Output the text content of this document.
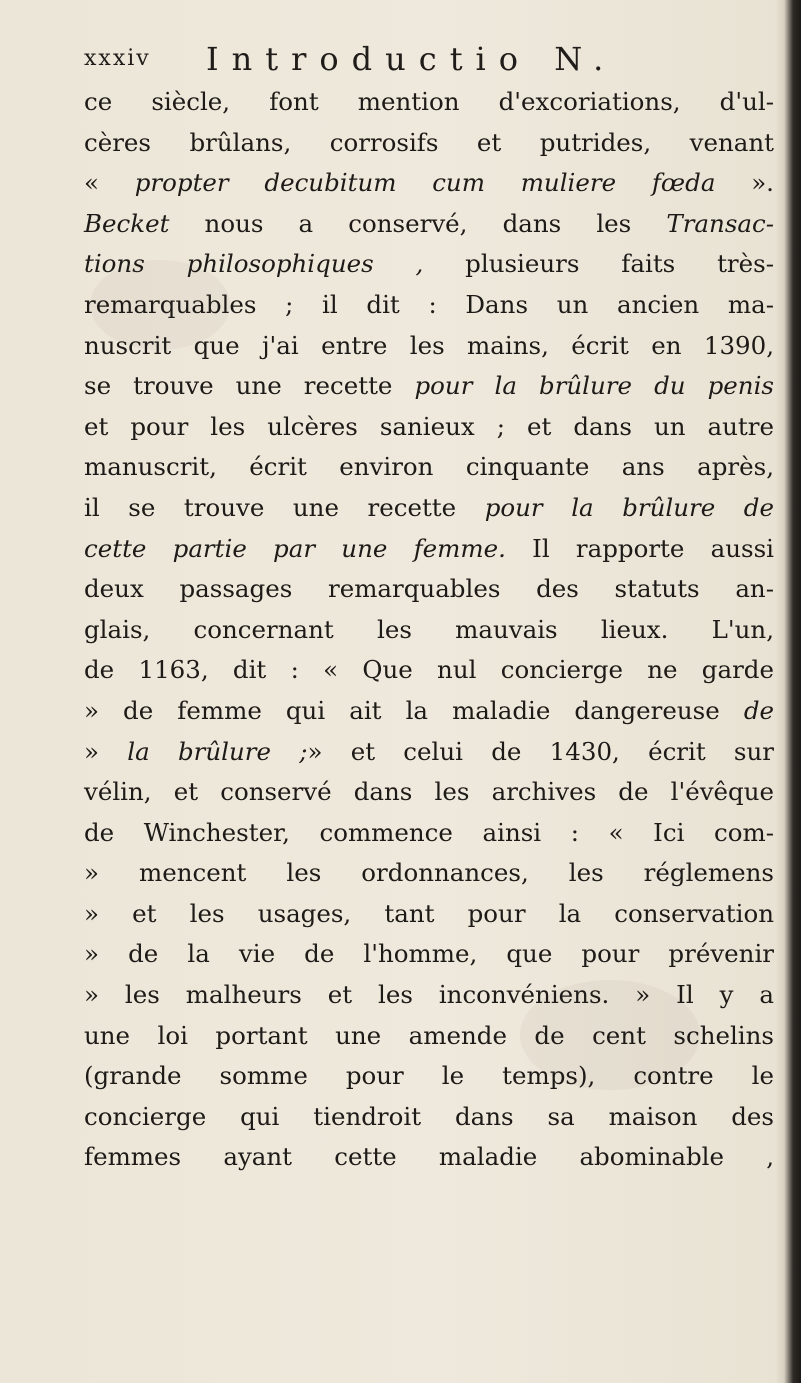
xxxiv Introductio N.
ce siècle, font mention d'excoriations, d'ul-
cères brûlans, corrosifs et putrides, venant
« propter decubitum cum muliere fœda ».
Becket nous a conservé, dans les Transac-
tions philosophiques , plusieurs faits très-
remarquables ; il dit : Dans un ancien ma-
nuscrit que j'ai entre les mains, écrit en 1390,
se trouve une recette pour la brûlure du penis
et pour les ulcères sanieux ; et dans un autre
manuscrit, écrit environ cinquante ans après,
il se trouve une recette pour la brûlure de
cette partie par une femme. Il rapporte aussi
deux passages remarquables des statuts an-
glais, concernant les mauvais lieux. L'un,
de 1163, dit : « Que nul concierge ne garde
» de femme qui ait la maladie dangereuse de
» la brûlure ;» et celui de 1430, écrit sur
vélin, et conservé dans les archives de l'évêque
de Winchester, commence ainsi : « Ici com-
» mencent les ordonnances, les réglemens
» et les usages, tant pour la conservation
» de la vie de l'homme, que pour prévenir
» les malheurs et les inconvéniens. » Il y a
une loi portant une amende de cent schelins
(grande somme pour le temps), contre le
concierge qui tiendroit dans sa maison des
femmes ayant cette maladie abominable ,
